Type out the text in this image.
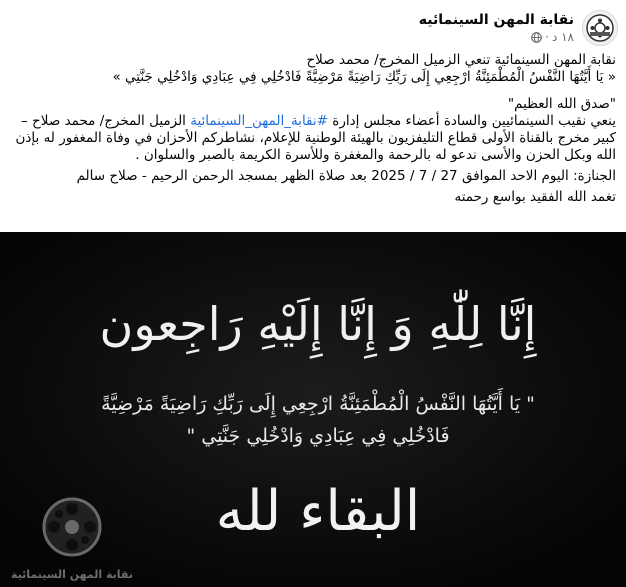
نقابة المهن السينمائيه
١٨ د
·

نقابة المهن السينمائية تنعي الزميل المخرج/ محمد صلاح

« يَا أَيَّتُهَا النَّفْسُ الْمُطْمَئِنَّةُ ارْجِعِي إِلَى رَبِّكِ رَاضِيَةً مَرْضِيَّةً فَادْخُلِي فِي عِبَادِي وَادْخُلِي جَنَّتِي »

"صدق الله العظيم"

ينعي نقيب السينمائيين والسادة أعضاء مجلس إدارة #نقابة_المهن_السينمائية الزميل المخرج/ محمد صلاح – كبير مخرج بالقناة الأولى قطاع التليفزيون بالهيئة الوطنية للإعلام، نشاطركم الأحزان في وفاة المغفور له بإذن الله وبكل الحزن والأسى ندعو له بالرحمة والمغفرة وللأسرة الكريمة بالصبر والسلوان .

الجنازة: اليوم الاحد الموافق 27 / 7 / 2025 بعد صلاة الظهر بمسجد الرحمن الرحيم - صلاح سالم

تغمد الله الفقيد بواسع رحمته

إِنَّا لِلّٰهِ وَ إِنَّا إِلَيْهِ رَاجِعون
" يَا أَيَّتُهَا النَّفْسُ الْمُطْمَئِنَّةُ ارْجِعِي إِلَى رَبِّكِ رَاضِيَةً مَرْضِيَّةً
فَادْخُلِي فِي عِبَادِي وَادْخُلِي جَنَّتِي "
البقاء لله
نقابة المهن السينمائية
